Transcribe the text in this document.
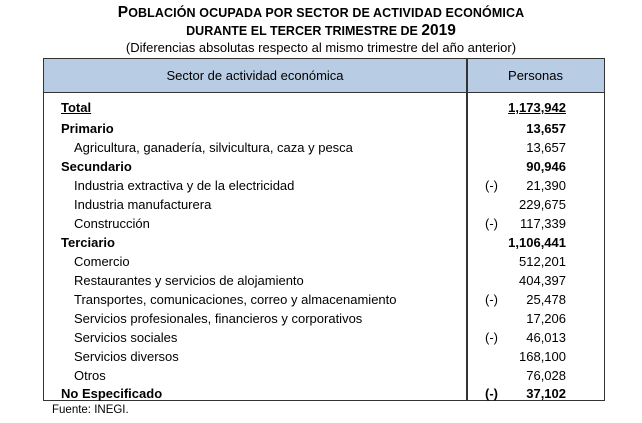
POBLACIÓN OCUPADA POR SECTOR DE ACTIVIDAD ECONÓMICA
DURANTE EL TERCER TRIMESTRE DE 2019
(Diferencias absolutas respecto al mismo trimestre del año anterior)
Sector de actividad económica	Personas
Total	1,173,942
Primario	13,657
Agricultura, ganadería, silvicultura, caza y pesca	13,657
Secundario	90,946
Industria extractiva y de la electricidad	(-) 21,390
Industria manufacturera	229,675
Construcción	(-) 117,339
Terciario	1,106,441
Comercio	512,201
Restaurantes y servicios de alojamiento	404,397
Transportes, comunicaciones, correo y almacenamiento	(-) 25,478
Servicios profesionales, financieros y corporativos	17,206
Servicios sociales	(-) 46,013
Servicios diversos	168,100
Otros	76,028
No Especificado	(-) 37,102
Fuente: INEGI.
